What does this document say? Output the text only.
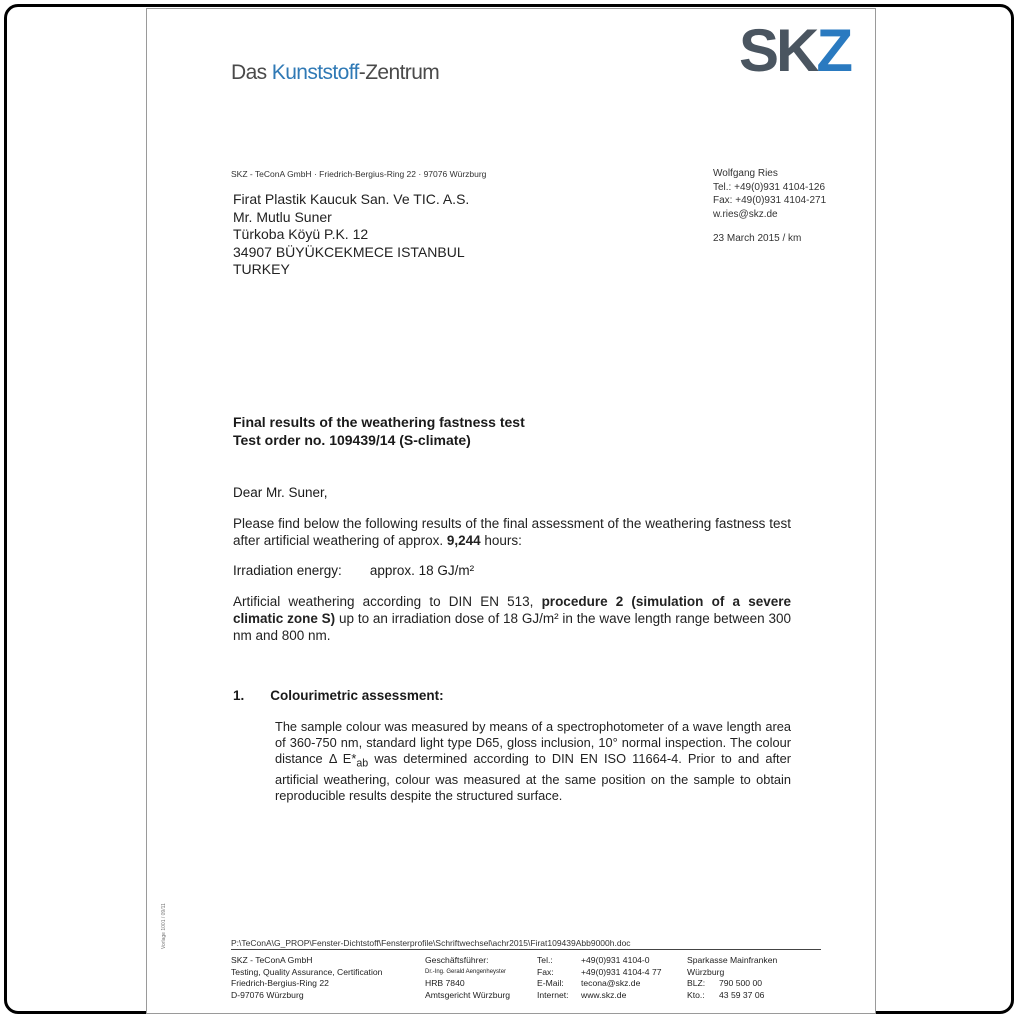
Das Kunststoff-Zentrum	SKZ
SKZ - TeConA GmbH · Friedrich-Bergius-Ring 22 · 97076 Würzburg
Firat Plastik Kaucuk San. Ve TIC. A.S.
Mr. Mutlu Suner
Türkoba Köyü P.K. 12
34907 BÜYÜKCEKMECE ISTANBUL
TURKEY
Wolfgang Ries
Tel.: +49(0)931 4104-126
Fax: +49(0)931 4104-271
w.ries@skz.de
23 March 2015 / km
Final results of the weathering fastness test
Test order no. 109439/14 (S-climate)
Dear Mr. Suner,
Please find below the following results of the final assessment of the weathering fastness test after artificial weathering of approx. 9,244 hours:
Irradiation energy: approx. 18 GJ/m²
Artificial weathering according to DIN EN 513, procedure 2 (simulation of a severe climatic zone S) up to an irradiation dose of 18 GJ/m² in the wave length range between 300 nm and 800 nm.
1. Colourimetric assessment:
The sample colour was measured by means of a spectrophotometer of a wave length area of 360-750 nm, standard light type D65, gloss inclusion, 10° normal inspection. The colour distance Δ $E*_{ab}$ was determined according to DIN EN ISO 11664-4. Prior to and after artificial weathering, colour was measured at the same position on the sample to obtain reproducible results despite the structured surface.
P:\TeConA\G_PROP\Fenster-Dichtstoff\Fensterprofile\Schriftwechsel\achr2015\Firat109439Abb9000h.doc
SKZ - TeConA GmbH
Testing, Quality Assurance, Certification
Friedrich-Bergius-Ring 22
D-97076 Würzburg
Geschäftsführer:
Dr.-Ing. Gerald Aengenheyster
HRB 7840
Amtsgericht Würzburg
Tel.:	+49(0)931 4104-0
Fax:	+49(0)931 4104-4 77
E-Mail: tecona@skz.de
Internet: www.skz.de
Sparkasse Mainfranken
Würzburg
BLZ: 790 500 00
Kto.: 43 59 37 06
Vorlage 1001 / 09/11
